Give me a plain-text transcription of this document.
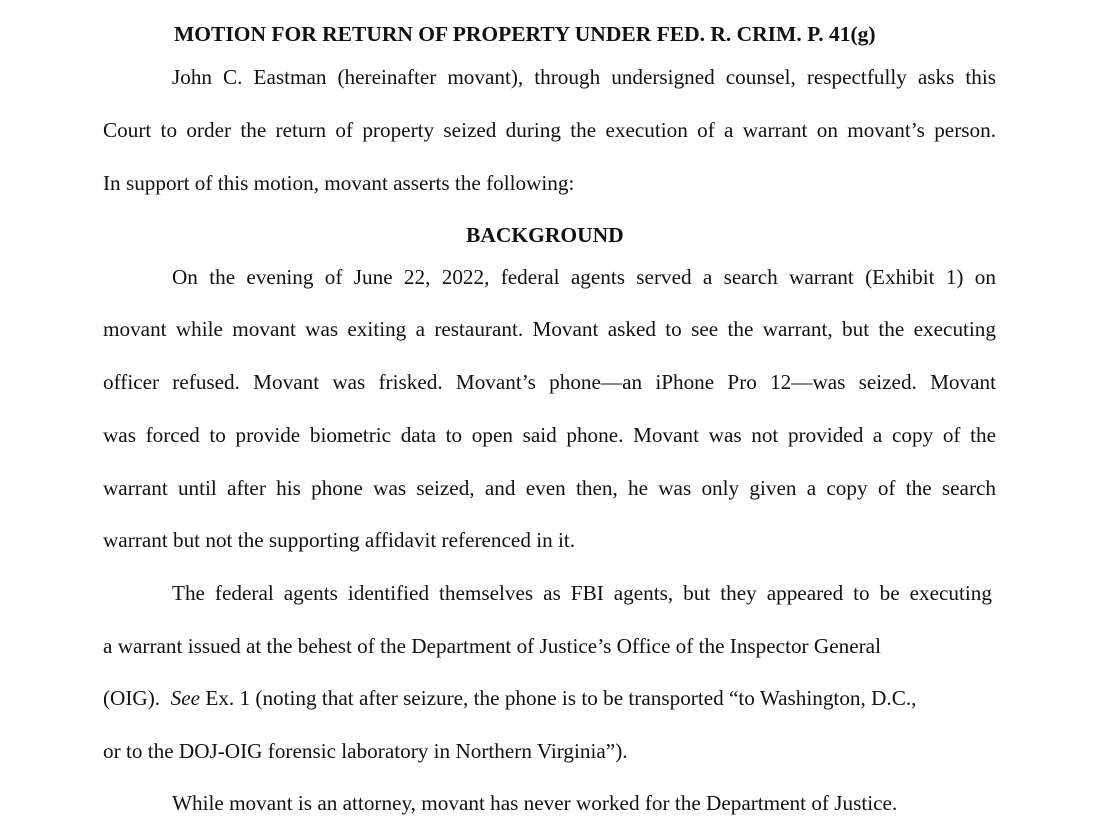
MOTION FOR RETURN OF PROPERTY UNDER FED. R. CRIM. P. 41(g)
John C. Eastman (hereinafter movant), through undersigned counsel, respectfully asks this
Court to order the return of property seized during the execution of a warrant on movant’s person.
In support of this motion, movant asserts the following:
BACKGROUND
On the evening of June 22, 2022, federal agents served a search warrant (Exhibit 1) on
movant while movant was exiting a restaurant. Movant asked to see the warrant, but the executing
officer refused. Movant was frisked. Movant’s phone—an iPhone Pro 12—was seized. Movant
was forced to provide biometric data to open said phone. Movant was not provided a copy of the
warrant until after his phone was seized, and even then, he was only given a copy of the search
warrant but not the supporting affidavit referenced in it.
The federal agents identified themselves as FBI agents, but they appeared to be executing
a warrant issued at the behest of the Department of Justice’s Office of the Inspector General
(OIG).  See Ex. 1 (noting that after seizure, the phone is to be transported “to Washington, D.C.,
or to the DOJ-OIG forensic laboratory in Northern Virginia”).
While movant is an attorney, movant has never worked for the Department of Justice.
